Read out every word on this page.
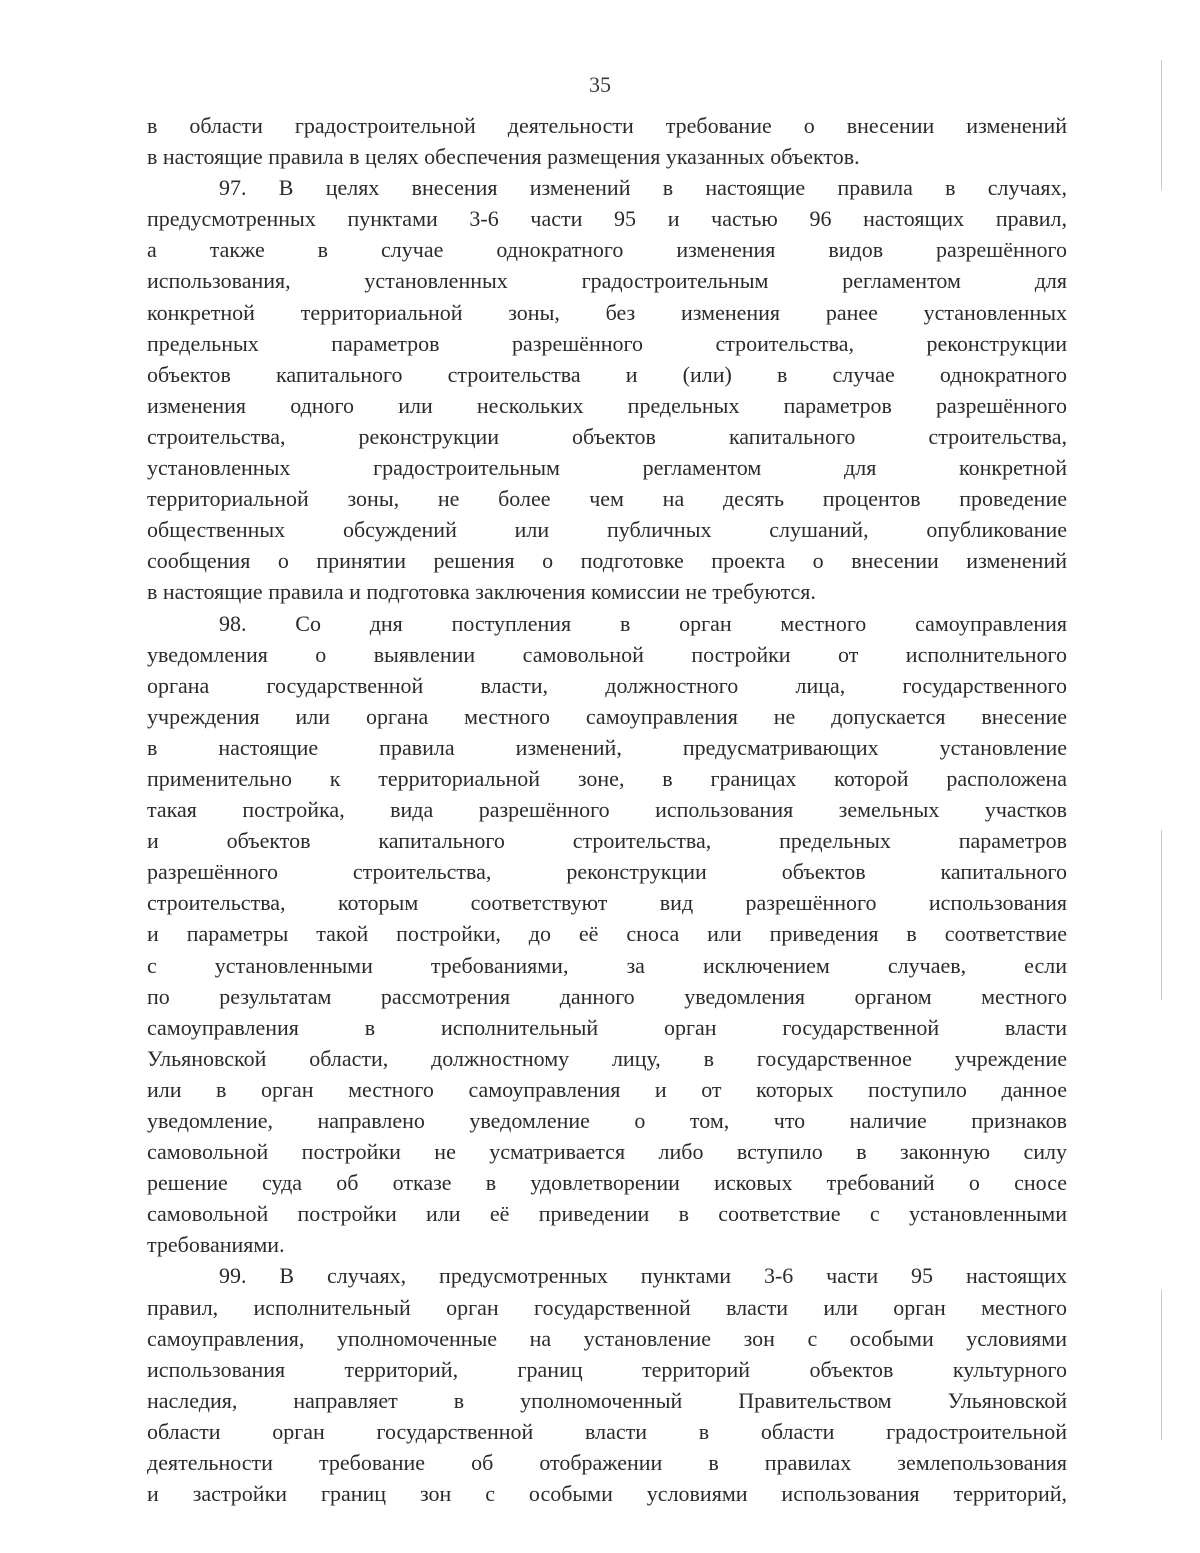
35
в области градостроительной деятельности требование о внесении изменений
в настоящие правила в целях обеспечения размещения указанных объектов.
97. В целях внесения изменений в настоящие правила в случаях,
предусмотренных пунктами 3-6 части 95 и частью 96 настоящих правил,
а также в случае однократного изменения видов разрешённого
использования, установленных градостроительным регламентом для
конкретной территориальной зоны, без изменения ранее установленных
предельных параметров разрешённого строительства, реконструкции
объектов капитального строительства и (или) в случае однократного
изменения одного или нескольких предельных параметров разрешённого
строительства, реконструкции объектов капитального строительства,
установленных градостроительным регламентом для конкретной
территориальной зоны, не более чем на десять процентов проведение
общественных обсуждений или публичных слушаний, опубликование
сообщения о принятии решения о подготовке проекта о внесении изменений
в настоящие правила и подготовка заключения комиссии не требуются.
98. Со дня поступления в орган местного самоуправления
уведомления о выявлении самовольной постройки от исполнительного
органа государственной власти, должностного лица, государственного
учреждения или органа местного самоуправления не допускается внесение
в настоящие правила изменений, предусматривающих установление
применительно к территориальной зоне, в границах которой расположена
такая постройка, вида разрешённого использования земельных участков
и объектов капитального строительства, предельных параметров
разрешённого строительства, реконструкции объектов капитального
строительства, которым соответствуют вид разрешённого использования
и параметры такой постройки, до её сноса или приведения в соответствие
с установленными требованиями, за исключением случаев, если
по результатам рассмотрения данного уведомления органом местного
самоуправления в исполнительный орган государственной власти
Ульяновской области, должностному лицу, в государственное учреждение
или в орган местного самоуправления и от которых поступило данное
уведомление, направлено уведомление о том, что наличие признаков
самовольной постройки не усматривается либо вступило в законную силу
решение суда об отказе в удовлетворении исковых требований о сносе
самовольной постройки или её приведении в соответствие с установленными
требованиями.
99. В случаях, предусмотренных пунктами 3-6 части 95 настоящих
правил, исполнительный орган государственной власти или орган местного
самоуправления, уполномоченные на установление зон с особыми условиями
использования территорий, границ территорий объектов культурного
наследия, направляет в уполномоченный Правительством Ульяновской
области орган государственной власти в области градостроительной
деятельности требование об отображении в правилах землепользования
и застройки границ зон с особыми условиями использования территорий,
